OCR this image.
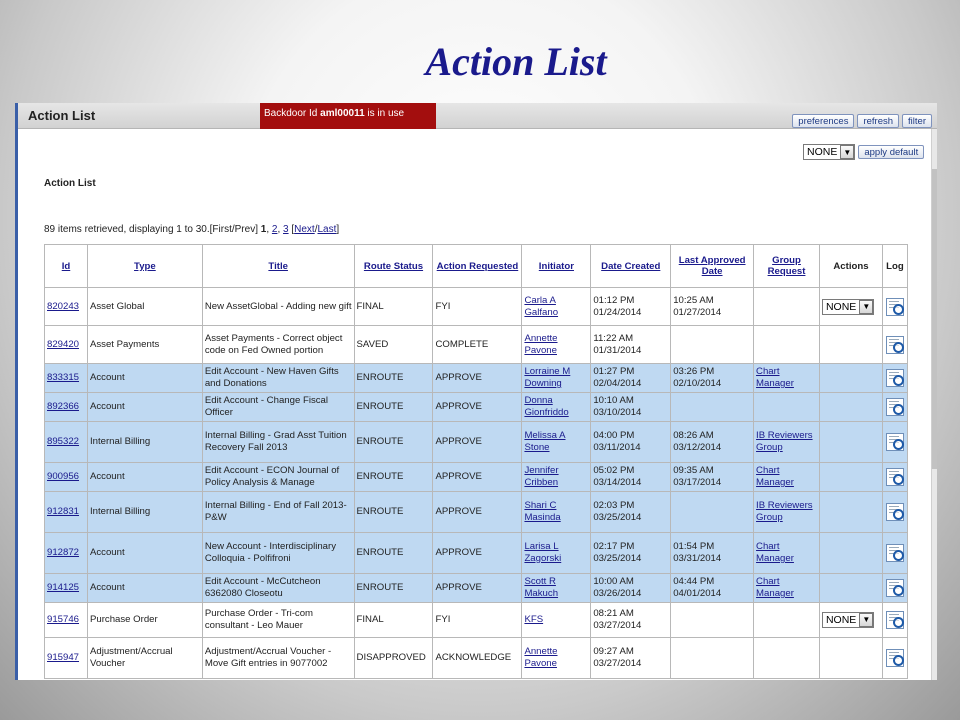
Action List
Action List	Backdoor Id aml00011 is in use
preferences	refresh	filter
NONE ▼	apply default
Action List
89 items retrieved, displaying 1 to 30.[First/Prev] 1, 2, 3 [Next/Last]
Id	Type	Title	Route Status	Action Requested	Initiator	Date Created	Last Approved Date	Group Request	Actions	Log
820243	Asset Global	New AssetGlobal - Adding new gift	FINAL	FYI	Carla A Galfano	01:12 PM 01/24/2014	10:25 AM 01/27/2014		NONE ▼	

829420	Asset Payments	Asset Payments - Correct object code on Fed Owned portion	SAVED	COMPLETE	Annette Pavone	11:22 AM 01/31/2014				

833315	Account	Edit Account - New Haven Gifts and Donations	ENROUTE	APPROVE	Lorraine M Downing	01:27 PM 02/04/2014	03:26 PM 02/10/2014	Chart Manager		

892366	Account	Edit Account - Change Fiscal Officer	ENROUTE	APPROVE	Donna Gionfriddo	10:10 AM 03/10/2014				

895322	Internal Billing	Internal Billing - Grad Asst Tuition Recovery Fall 2013	ENROUTE	APPROVE	Melissa A Stone	04:00 PM 03/11/2014	08:26 AM 03/12/2014	IB Reviewers Group		

900956	Account	Edit Account - ECON Journal of Policy Analysis & Manage	ENROUTE	APPROVE	Jennifer Cribben	05:02 PM 03/14/2014	09:35 AM 03/17/2014	Chart Manager		

912831	Internal Billing	Internal Billing - End of Fall 2013-P&W	ENROUTE	APPROVE	Shari C Masinda	02:03 PM 03/25/2014		IB Reviewers Group		

912872	Account	New Account - Interdisciplinary Colloquia - Polfifroni	ENROUTE	APPROVE	Larisa L Zagorski	02:17 PM 03/25/2014	01:54 PM 03/31/2014	Chart Manager		

914125	Account	Edit Account - McCutcheon 6362080 Closeotu	ENROUTE	APPROVE	Scott R Makuch	10:00 AM 03/26/2014	04:44 PM 04/01/2014	Chart Manager		

915746	Purchase Order	Purchase Order - Tri-com consultant - Leo Mauer	FINAL	FYI	KFS	08:21 AM 03/27/2014			NONE ▼	

915947	Adjustment/Accrual Voucher	Adjustment/Accrual Voucher - Move Gift entries in 9077002	DISAPPROVED	ACKNOWLEDGE	Annette Pavone	09:27 AM 03/27/2014				
